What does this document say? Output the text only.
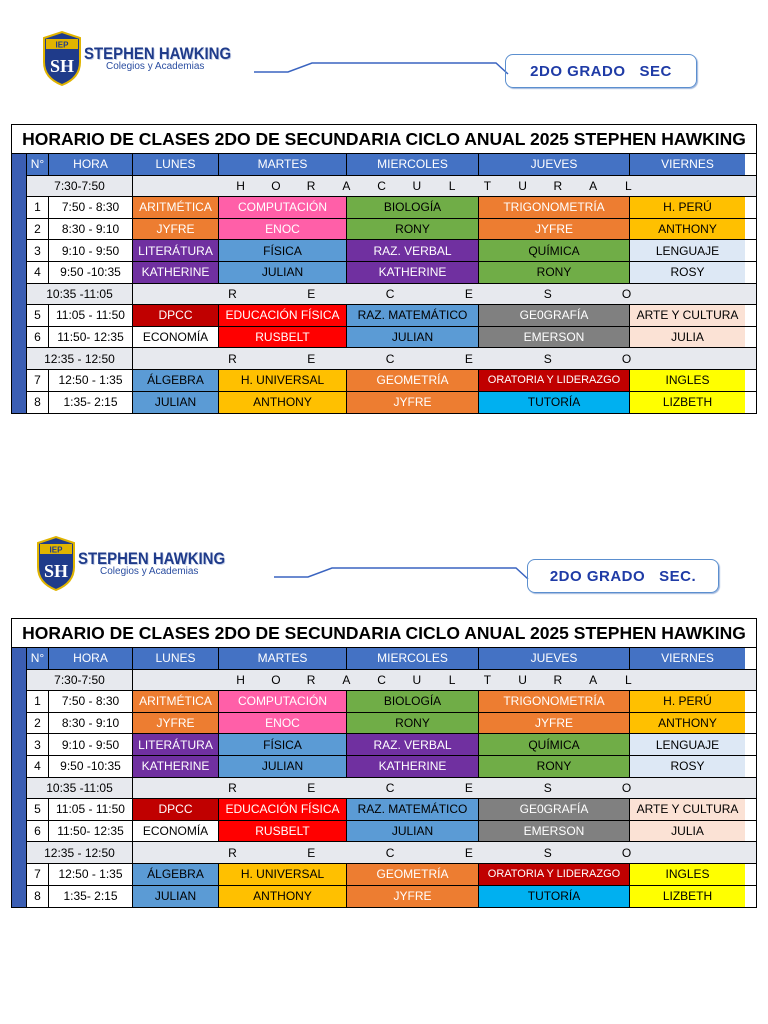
IEP
SH
STEPHEN HAWKING
Colegios y Academias	2DO GRADO   SEC
HORARIO DE CLASES 2DO DE SECUNDARIA CICLO ANUAL 2025 STEPHEN HAWKING
N°	HORA	LUNES	MARTES	MIERCOLES	JUEVES	VIERNES
7:30-7:50	H	O	R	A	C	U	L	T	U	R	A	L
1	7:50 - 8:30	ARITMÉTICA	COMPUTACIÓN	BIOLOGÍA	TRIGONOMETRÍA	H. PERÚ
2	8:30 - 9:10	JYFRE	ENOC	RONY	JYFRE	ANTHONY
3	9:10 - 9:50	LITERÁTURA	FÍSICA	RAZ. VERBAL	QUÍMICA	LENGUAJE
4	9:50 -10:35	KATHERINE	JULIAN	KATHERINE	RONY	ROSY
10:35 -11:05	R	E	C	E	S	O
5	11:05 - 11:50	DPCC	EDUCACIÓN FÍSICA	RAZ. MATEMÁTICO	GE0GRAFÍA	ARTE Y CULTURA
6	11:50- 12:35	ECONOMÍA	RUSBELT	JULIAN	EMERSON	JULIA
12:35 - 12:50	R	E	C	E	S	O
7	12:50 - 1:35	ÁLGEBRA	H. UNIVERSAL	GEOMETRÍA	ORATORIA Y LIDERAZGO	INGLES
8	1:35- 2:15	JULIAN	ANTHONY	JYFRE	TUTORÍA	LIZBETH
IEP
SH
STEPHEN HAWKING
Colegios y Academias	2DO GRADO   SEC.
HORARIO DE CLASES 2DO DE SECUNDARIA CICLO ANUAL 2025 STEPHEN HAWKING
N°	HORA	LUNES	MARTES	MIERCOLES	JUEVES	VIERNES
7:30-7:50	H	O	R	A	C	U	L	T	U	R	A	L
1	7:50 - 8:30	ARITMÉTICA	COMPUTACIÓN	BIOLOGÍA	TRIGONOMETRÍA	H. PERÚ
2	8:30 - 9:10	JYFRE	ENOC	RONY	JYFRE	ANTHONY
3	9:10 - 9:50	LITERÁTURA	FÍSICA	RAZ. VERBAL	QUÍMICA	LENGUAJE
4	9:50 -10:35	KATHERINE	JULIAN	KATHERINE	RONY	ROSY
10:35 -11:05	R	E	C	E	S	O
5	11:05 - 11:50	DPCC	EDUCACIÓN FÍSICA	RAZ. MATEMÁTICO	GE0GRAFÍA	ARTE Y CULTURA
6	11:50- 12:35	ECONOMÍA	RUSBELT	JULIAN	EMERSON	JULIA
12:35 - 12:50	R	E	C	E	S	O
7	12:50 - 1:35	ÁLGEBRA	H. UNIVERSAL	GEOMETRÍA	ORATORIA Y LIDERAZGO	INGLES
8	1:35- 2:15	JULIAN	ANTHONY	JYFRE	TUTORÍA	LIZBETH
